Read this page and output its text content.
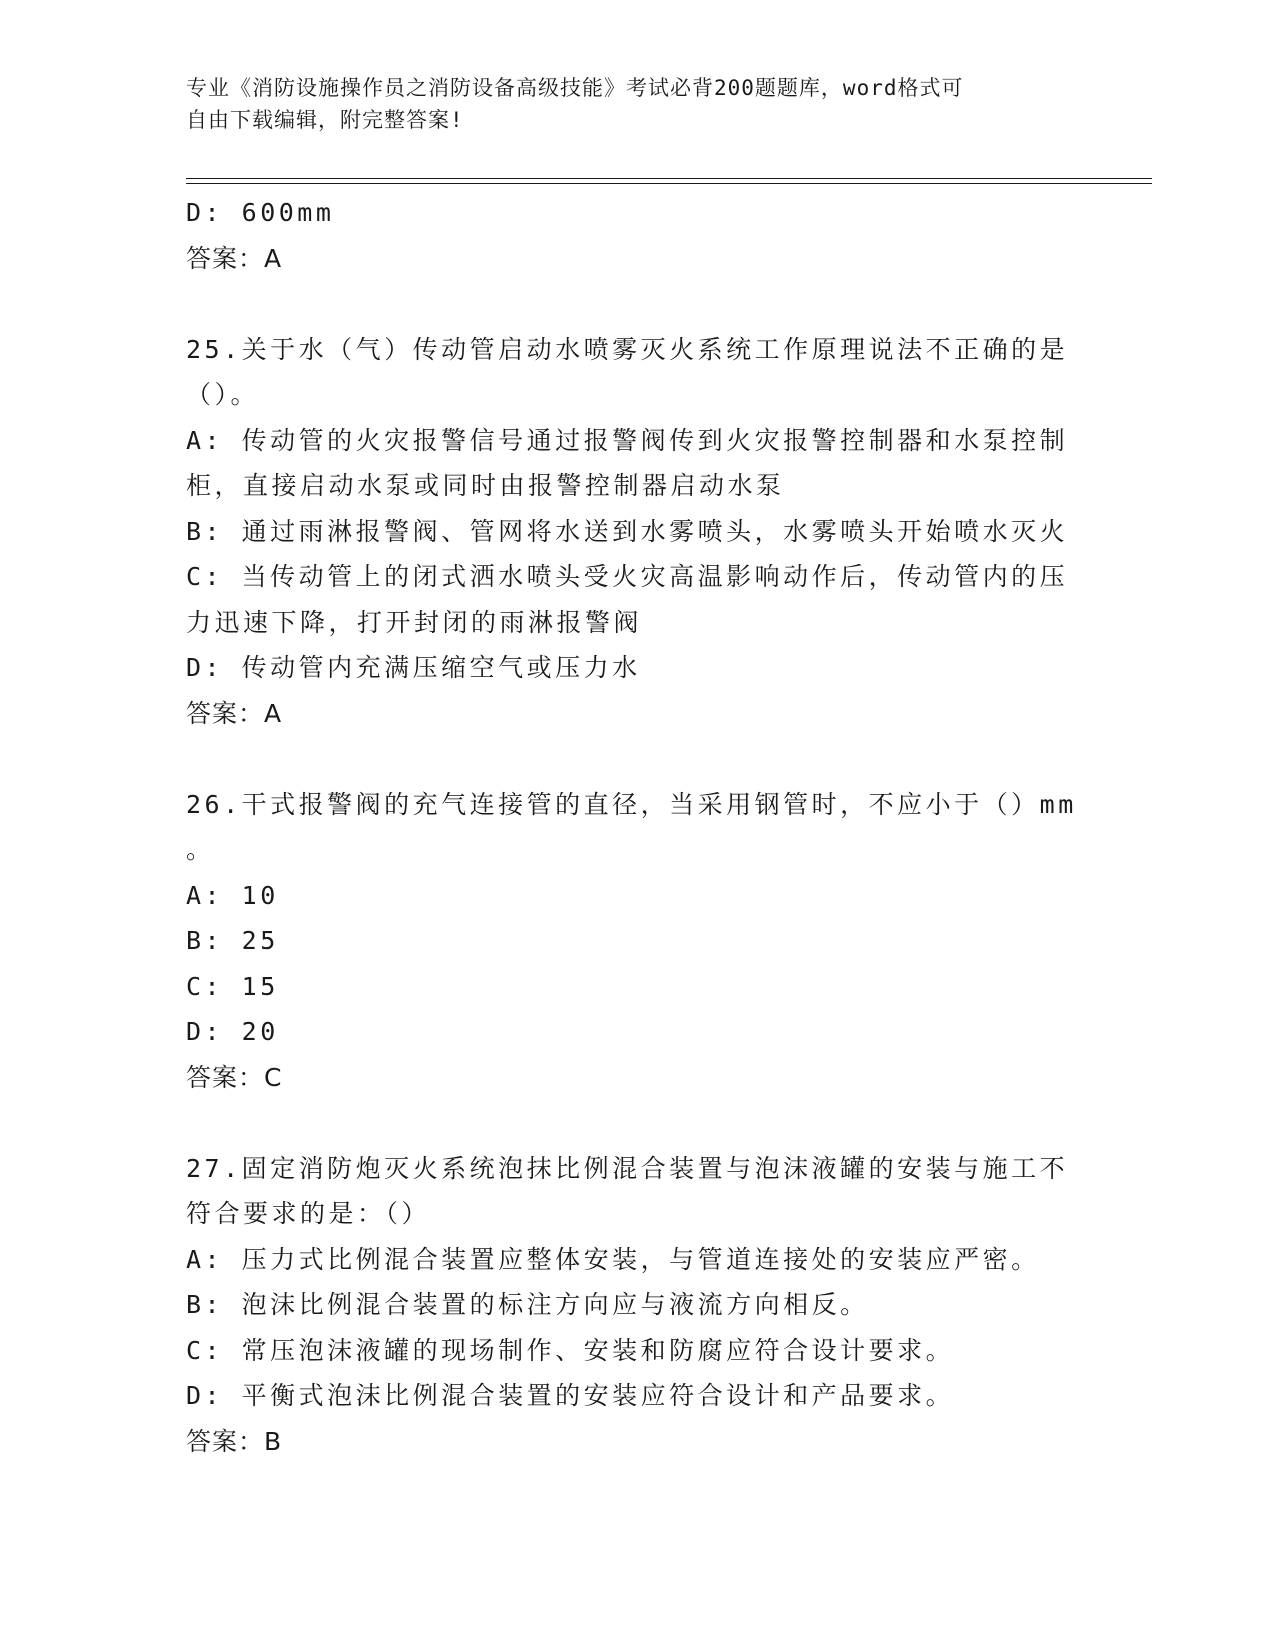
专业《消防设施操作员之消防设备高级技能》考试必背200题题库，word格式可
自由下载编辑，附完整答案!
D: 600mm
答案：A
25.关于水（气）传动管启动水喷雾灭火系统工作原理说法不正确的是
（）。
A: 传动管的火灾报警信号通过报警阀传到火灾报警控制器和水泵控制
柜，直接启动水泵或同时由报警控制器启动水泵
B: 通过雨淋报警阀、管网将水送到水雾喷头，水雾喷头开始喷水灭火
C: 当传动管上的闭式洒水喷头受火灾高温影响动作后，传动管内的压
力迅速下降，打开封闭的雨淋报警阀
D: 传动管内充满压缩空气或压力水
答案：A
26.干式报警阀的充气连接管的直径，当采用钢管时，不应小于（）mm
。
A: 10
B: 25
C: 15
D: 20
答案：C
27.固定消防炮灭火系统泡抹比例混合装置与泡沫液罐的安装与施工不
符合要求的是：（）
A: 压力式比例混合装置应整体安装，与管道连接处的安装应严密。
B: 泡沫比例混合装置的标注方向应与液流方向相反。
C: 常压泡沫液罐的现场制作、安装和防腐应符合设计要求。
D: 平衡式泡沫比例混合装置的安装应符合设计和产品要求。
答案：B
